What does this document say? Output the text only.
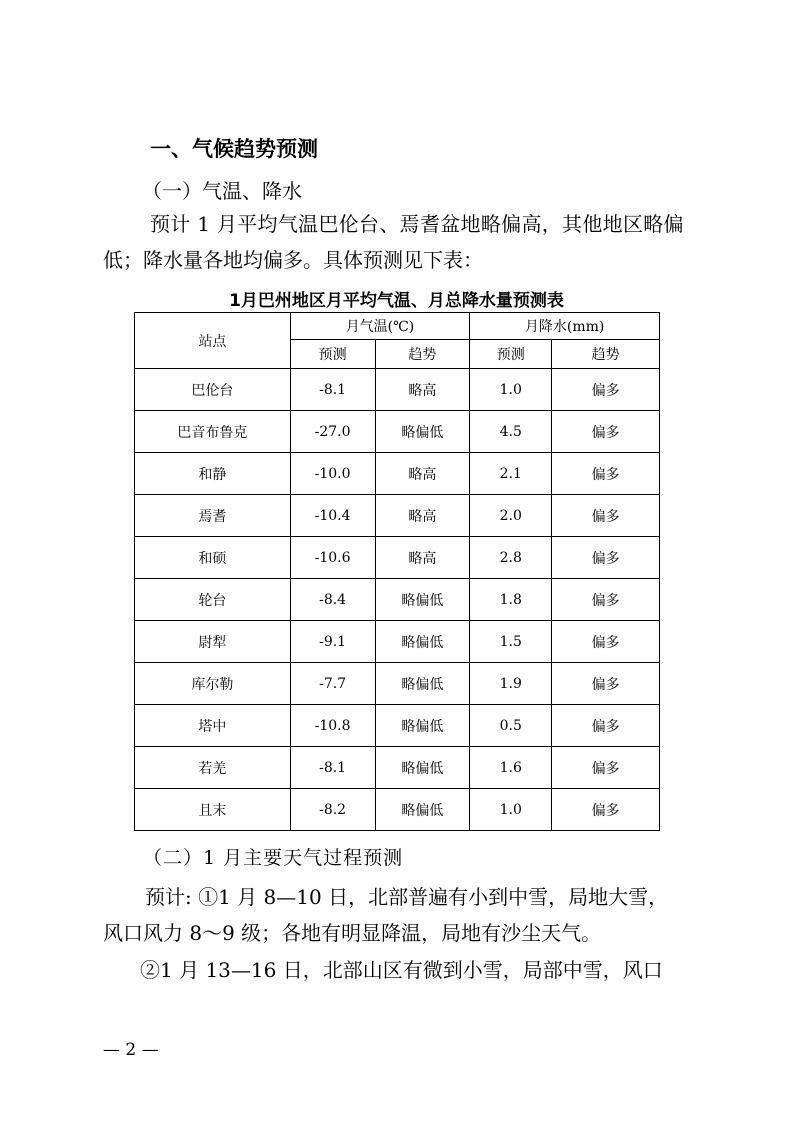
一、气候趋势预测
（一）气温、降水
预计 1 月平均气温巴伦台、焉耆盆地略偏高，其他地区略偏
低；降水量各地均偏多。具体预测见下表：
1月巴州地区月平均气温、月总降水量预测表
站点	月气温(℃)		月降水(mm)	
	预测	趋势	预测	趋势
巴伦台	-8.1	略高	1.0	偏多
巴音布鲁克	-27.0	略偏低	4.5	偏多
和静	-10.0	略高	2.1	偏多
焉耆	-10.4	略高	2.0	偏多
和硕	-10.6	略高	2.8	偏多
轮台	-8.4	略偏低	1.8	偏多
尉犁	-9.1	略偏低	1.5	偏多
库尔勒	-7.7	略偏低	1.9	偏多
塔中	-10.8	略偏低	0.5	偏多
若羌	-8.1	略偏低	1.6	偏多
且末	-8.2	略偏低	1.0	偏多
（二）1 月主要天气过程预测
预计: ①1 月 8—10 日，北部普遍有小到中雪，局地大雪，
风口风力 8～9 级；各地有明显降温，局地有沙尘天气。
②1 月 13—16 日，北部山区有微到小雪，局部中雪，风口
— 2 —
